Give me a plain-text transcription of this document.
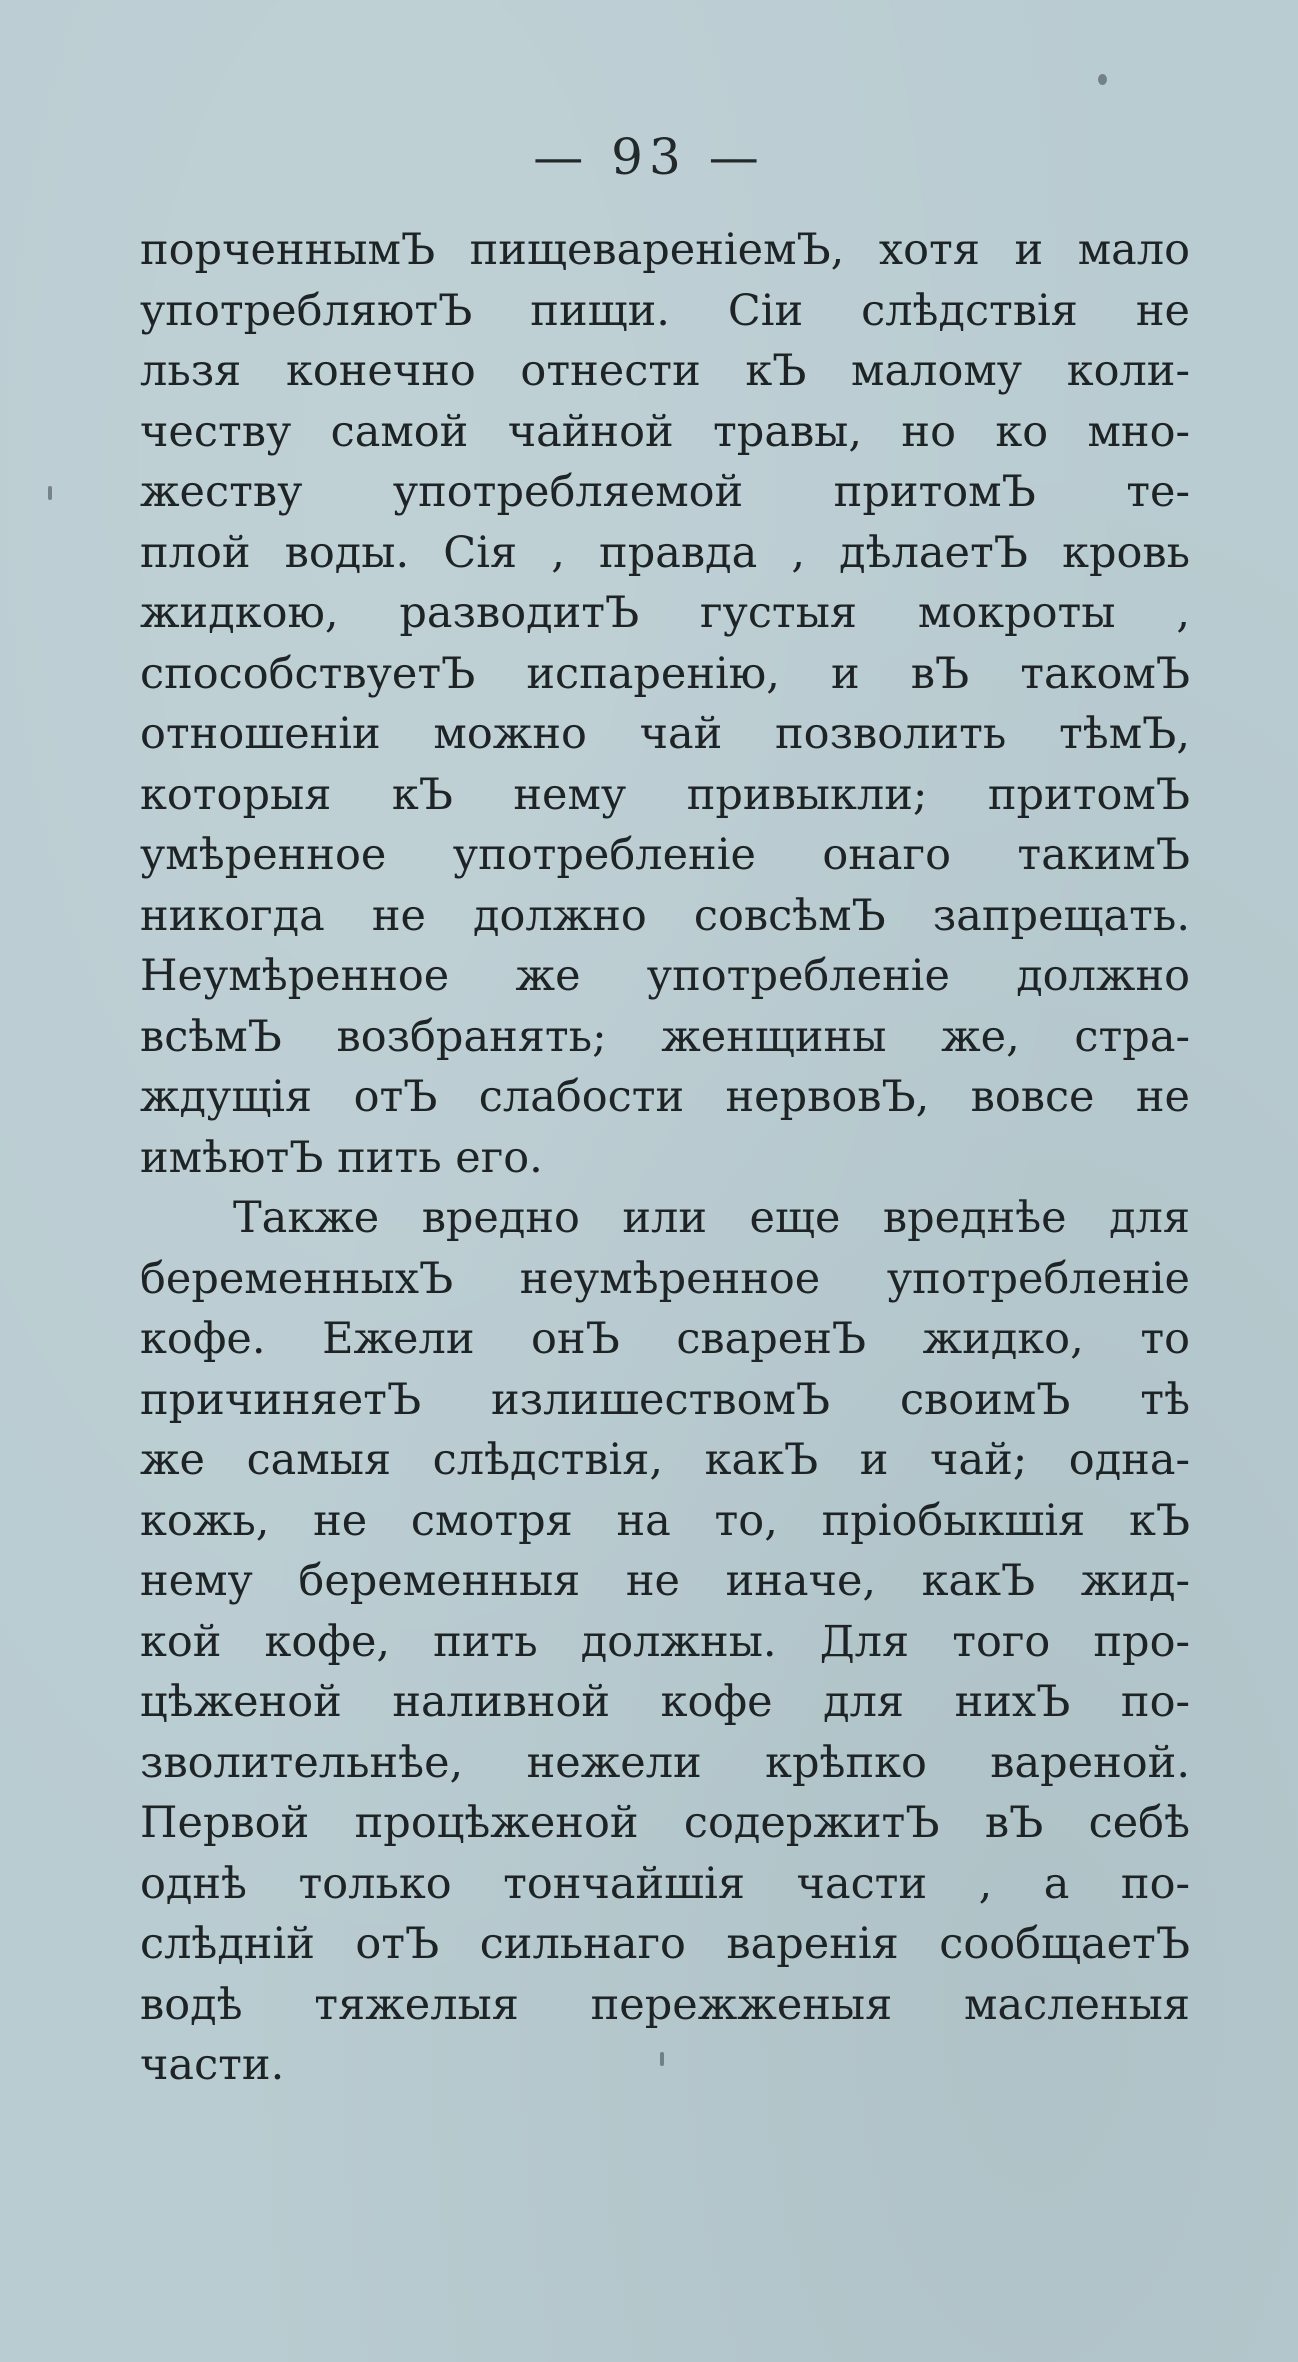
— 93 —
порченнымЪ пищевареніемЪ, хотя и мало
употребляютЪ пищи. Сіи слѣдствія не
льзя конечно отнести кЪ малому коли-
честву самой чайной травы, но ко мно-
жеству употребляемой притомЪ те-
плой воды. Сія , правда , дѣлаетЪ кровь
жидкою, разводитЪ густыя мокроты ,
способствуетЪ испаренію, и вЪ такомЪ
отношеніи можно чай позволить тѣмЪ,
которыя кЪ нему привыкли; притомЪ
умѣренное употребленіе онаго такимЪ
никогда не должно совсѣмЪ запрещать.
Неумѣренное же употребленіе должно
всѣмЪ возбранять; женщины же, стра-
ждущія отЪ слабости нервовЪ, вовсе не
имѣютЪ пить его.
Также вредно или еще вреднѣе для
беременныхЪ неумѣренное употребленіе
кофе. Ежели онЪ сваренЪ жидко, то
причиняетЪ излишествомЪ своимЪ тѣ
же самыя слѣдствія, какЪ и чай; одна-
кожь, не смотря на то, пріобыкшія кЪ
нему беременныя не иначе, какЪ жид-
кой кофе, пить должны. Для того про-
цѣженой наливной кофе для нихЪ по-
зволительнѣе, нежели крѣпко вареной.
Первой процѣженой содержитЪ вЪ себѣ
однѣ только тончайшія части , а по-
слѣдній отЪ сильнаго варенія сообщаетЪ
водѣ тяжелыя пережженыя масленыя
части.
